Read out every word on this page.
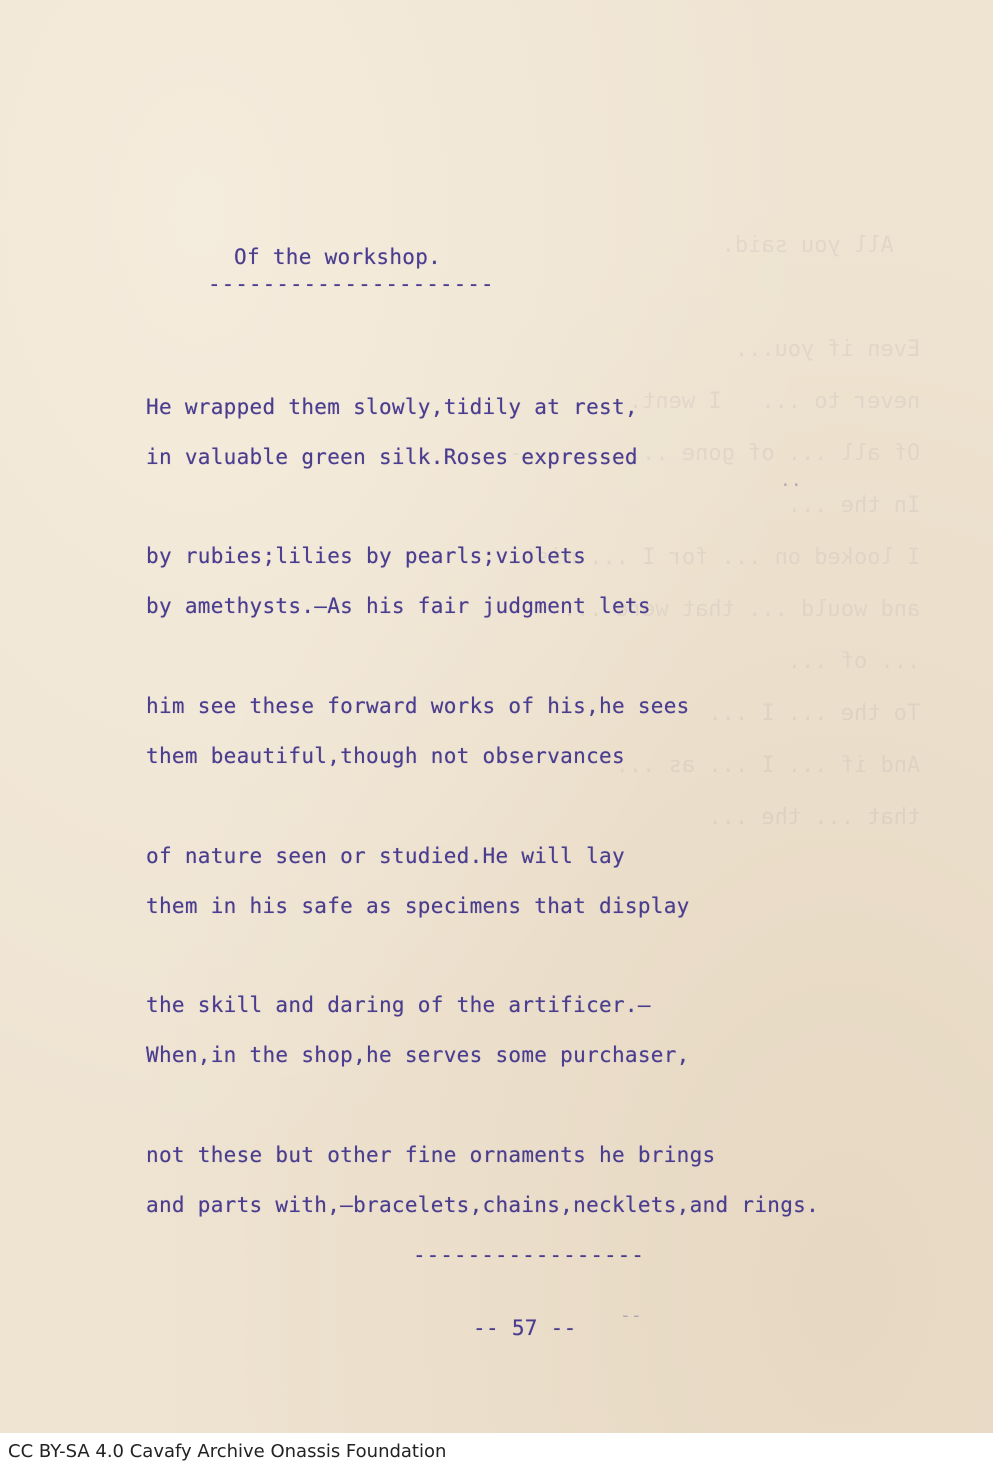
All you said.

Even if you...
never to ...   I went.
Of all ... of gone ...  ---------
In the ...
I looked on ... for I ... mist
and would ... that were ...
... of ...
To the ... I ...
And if ... I ... as ...
that ... the ...
Of the workshop.
---------------------
He wrapped them slowly,tidily at rest,
in valuable green silk.Roses expressed
by rubies;lilies by pearls;violets
by amethysts.—As his fair judgment lets
him see these forward works of his,he sees
them beautiful,though not observances
of nature seen or studied.He will lay
them in his safe as specimens that display
the skill and daring of the artificer.—
When,in the shop,he serves some purchaser,
not these but other fine ornaments he brings
and parts with,—bracelets,chains,necklets,and rings.
-----------------
-- 57 --
..
--
CC BY-SA 4.0 Cavafy Archive Onassis Foundation
